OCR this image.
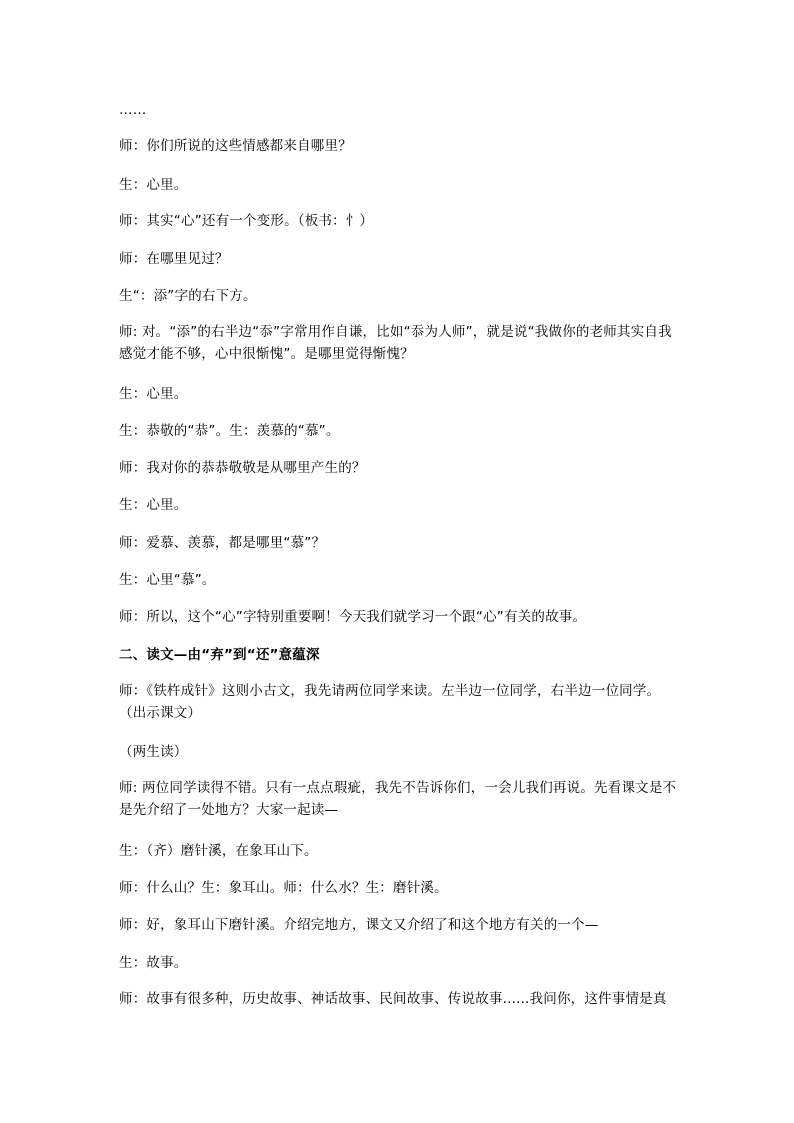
……
师：你们所说的这些情感都来自哪里？
生：心里。
师：其实“心”还有一个变形。（板书：忄）
师：在哪里见过？
生“：添”字的右下方。
师: 对。“添”的右半边“忝”字常用作自谦，比如“忝为人师”，就是说“我做你的老师其实自我感觉才能不够，心中很惭愧”。是哪里觉得惭愧？
生：心里。
生：恭敬的“恭”。生：羡慕的“慕”。
师：我对你的恭恭敬敬是从哪里产生的？
生：心里。
师：爱慕、羡慕，都是哪里“慕”？
生：心里“慕”。
师：所以，这个“心”字特别重要啊！今天我们就学习一个跟“心”有关的故事。
二、读文—由“弃”到“还”意蕴深
师：《铁杵成针》这则小古文，我先请两位同学来读。左半边一位同学，右半边一位同学。（出示课文）
（两生读）
师: 两位同学读得不错。只有一点点瑕疵，我先不告诉你们，一会儿我们再说。先看课文是不是先介绍了一处地方？大家一起读—
生：（齐）磨针溪，在象耳山下。
师：什么山？生：象耳山。师：什么水？生：磨针溪。
师：好，象耳山下磨针溪。介绍完地方，课文又介绍了和这个地方有关的一个—
生：故事。
师：故事有很多种，历史故事、神话故事、民间故事、传说故事......我问你，这件事情是真
